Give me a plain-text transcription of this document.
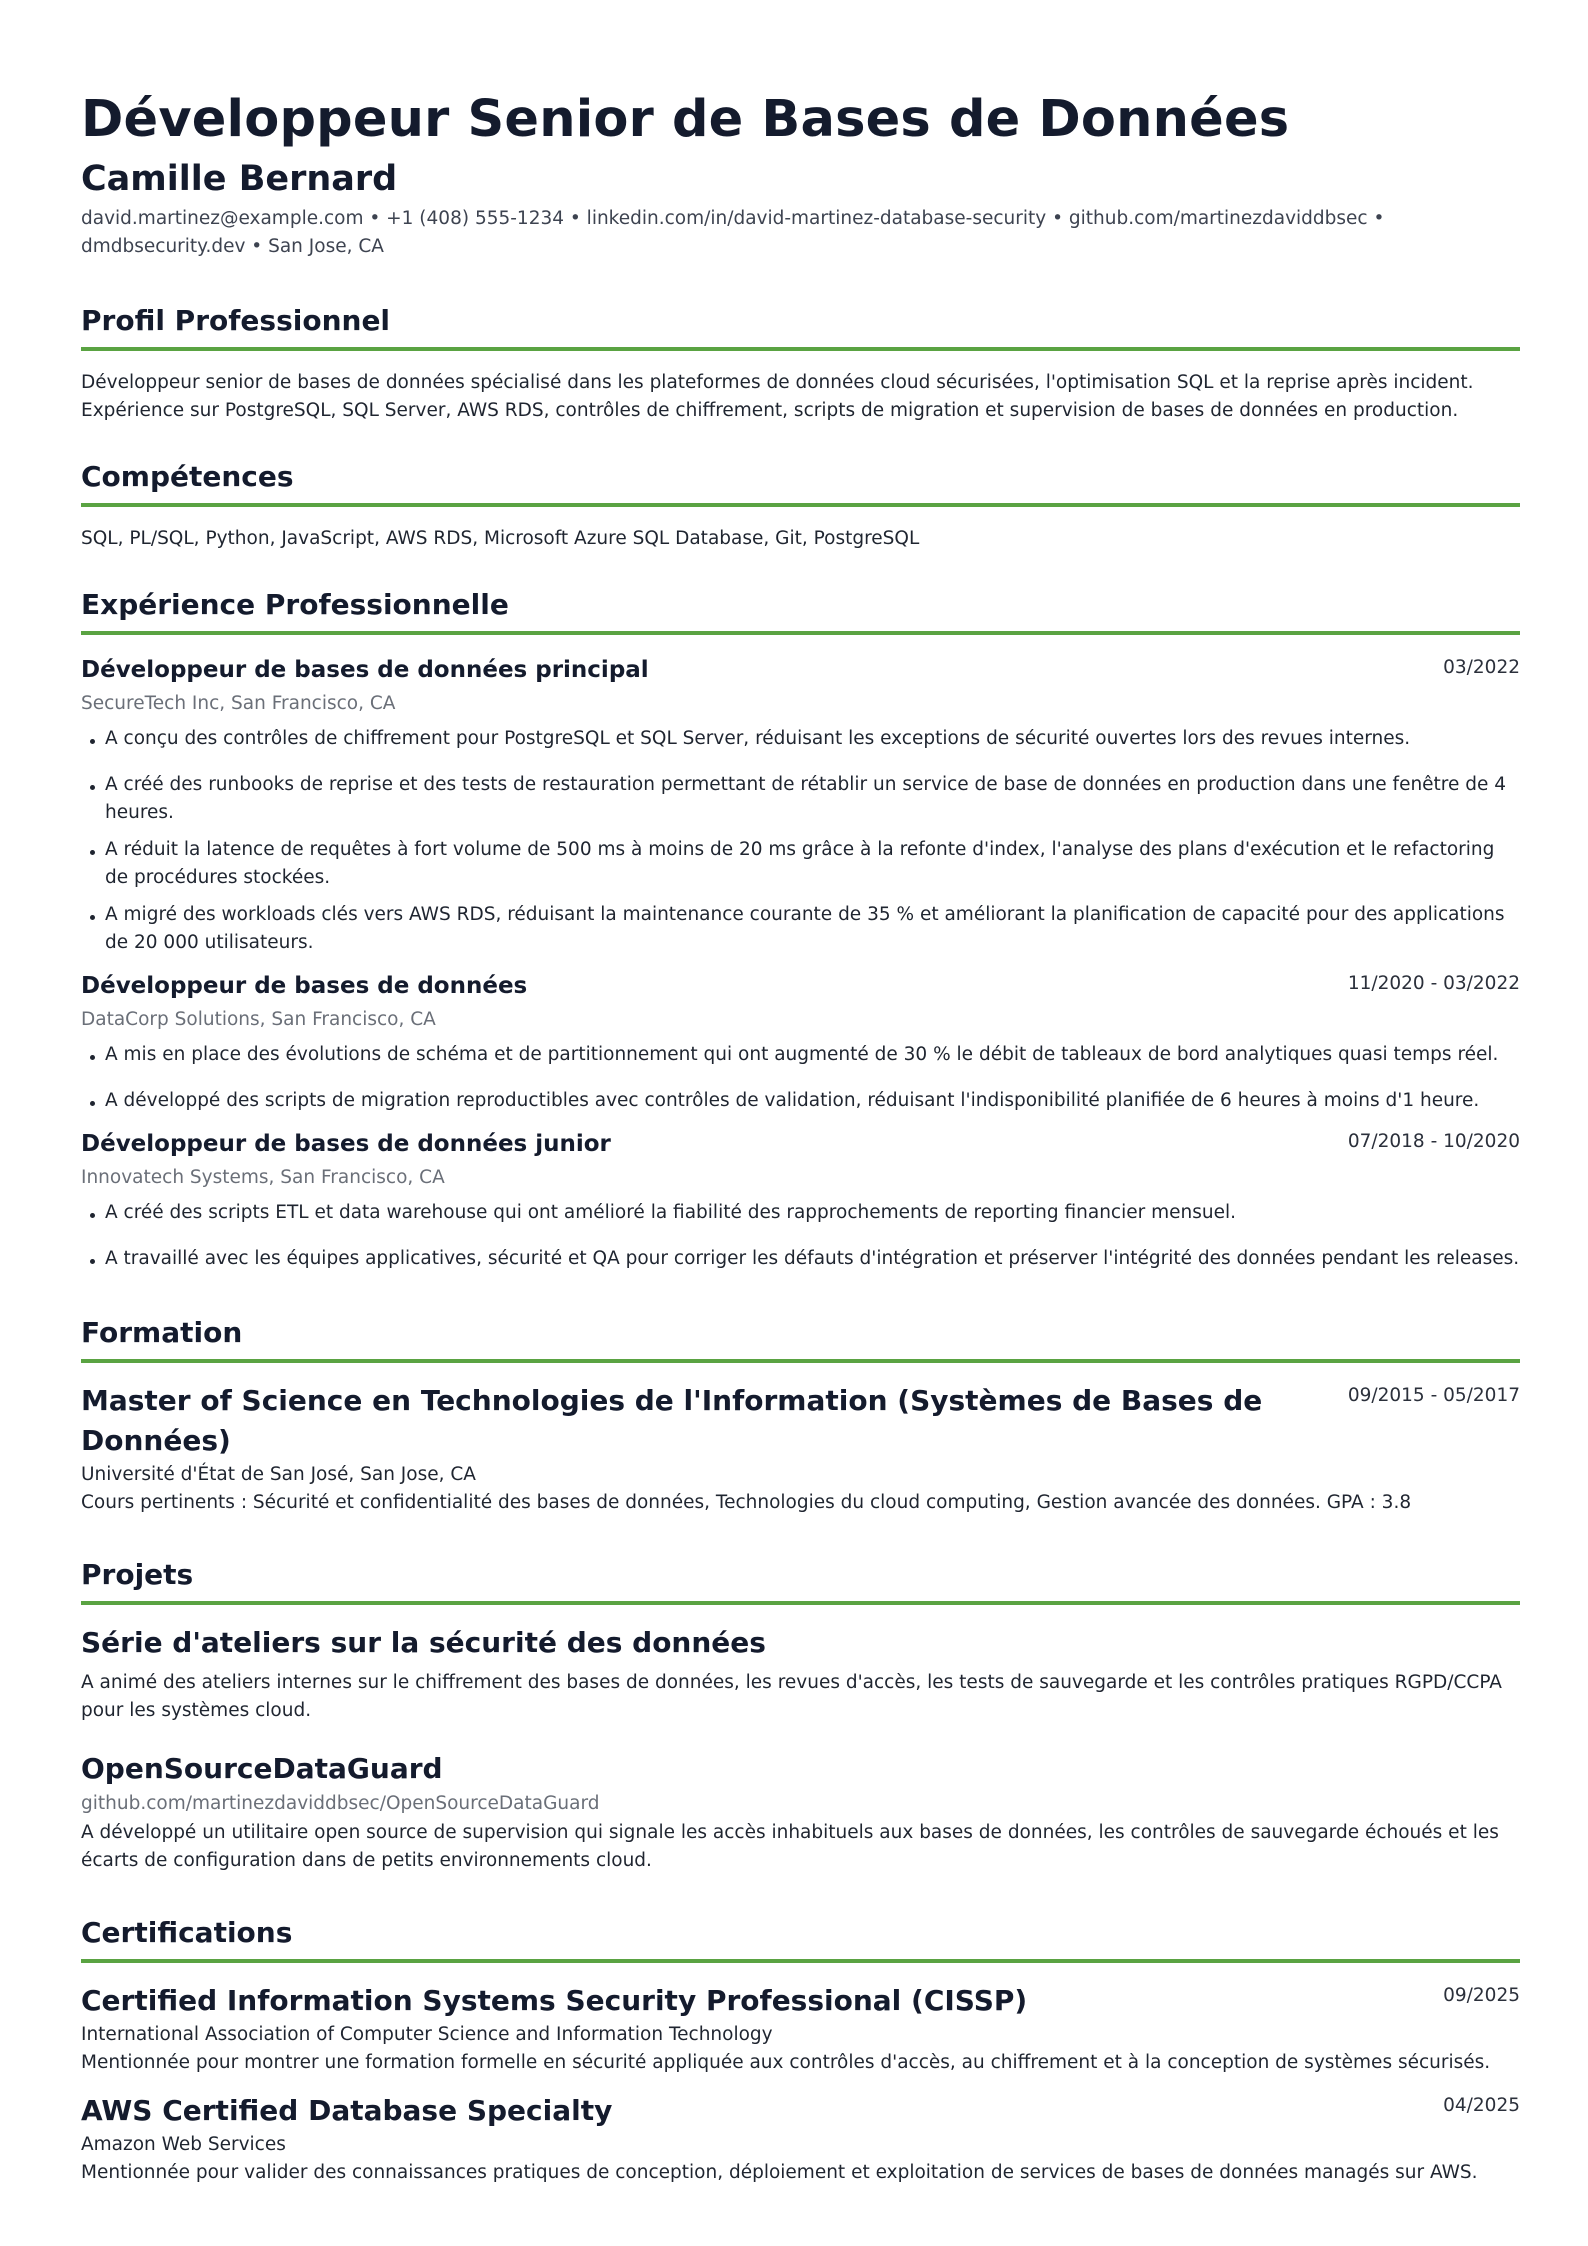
Développeur Senior de Bases de Données
Camille Bernard
david.martinez@example.com • +1 (408) 555-1234 • linkedin.com/in/david-martinez-database-security • github.com/martinezdaviddbsec •
dmdbsecurity.dev • San Jose, CA
Profil Professionnel
Développeur senior de bases de données spécialisé dans les plateformes de données cloud sécurisées, l'optimisation SQL et la reprise après incident. Expérience sur PostgreSQL, SQL Server, AWS RDS, contrôles de chiffrement, scripts de migration et supervision de bases de données en production.
Compétences
SQL, PL/SQL, Python, JavaScript, AWS RDS, Microsoft Azure SQL Database, Git, PostgreSQL
Expérience Professionnelle
Développeur de bases de données principal	03/2022
SecureTech Inc, San Francisco, CA
A conçu des contrôles de chiffrement pour PostgreSQL et SQL Server, réduisant les exceptions de sécurité ouvertes lors des revues internes.
A créé des runbooks de reprise et des tests de restauration permettant de rétablir un service de base de données en production dans une fenêtre de 4 heures.
A réduit la latence de requêtes à fort volume de 500 ms à moins de 20 ms grâce à la refonte d'index, l'analyse des plans d'exécution et le refactoring de procédures stockées.
A migré des workloads clés vers AWS RDS, réduisant la maintenance courante de 35 % et améliorant la planification de capacité pour des applications de 20 000 utilisateurs.
Développeur de bases de données	11/2020 - 03/2022
DataCorp Solutions, San Francisco, CA
A mis en place des évolutions de schéma et de partitionnement qui ont augmenté de 30 % le débit de tableaux de bord analytiques quasi temps réel.
A développé des scripts de migration reproductibles avec contrôles de validation, réduisant l'indisponibilité planifiée de 6 heures à moins d'1 heure.
Développeur de bases de données junior	07/2018 - 10/2020
Innovatech Systems, San Francisco, CA
A créé des scripts ETL et data warehouse qui ont amélioré la fiabilité des rapprochements de reporting financier mensuel.
A travaillé avec les équipes applicatives, sécurité et QA pour corriger les défauts d'intégration et préserver l'intégrité des données pendant les releases.
Formation
Master of Science en Technologies de l'Information (Systèmes de Bases de Données)
09/2015 - 05/2017
Université d'État de San José, San Jose, CA
Cours pertinents : Sécurité et confidentialité des bases de données, Technologies du cloud computing, Gestion avancée des données. GPA : 3.8
Projets
Série d'ateliers sur la sécurité des données
A animé des ateliers internes sur le chiffrement des bases de données, les revues d'accès, les tests de sauvegarde et les contrôles pratiques RGPD/CCPA pour les systèmes cloud.
OpenSourceDataGuard
github.com/martinezdaviddbsec/OpenSourceDataGuard
A développé un utilitaire open source de supervision qui signale les accès inhabituels aux bases de données, les contrôles de sauvegarde échoués et les écarts de configuration dans de petits environnements cloud.
Certifications
Certified Information Systems Security Professional (CISSP)	09/2025
International Association of Computer Science and Information Technology
Mentionnée pour montrer une formation formelle en sécurité appliquée aux contrôles d'accès, au chiffrement et à la conception de systèmes sécurisés.
AWS Certified Database Specialty	04/2025
Amazon Web Services
Mentionnée pour valider des connaissances pratiques de conception, déploiement et exploitation de services de bases de données managés sur AWS.
